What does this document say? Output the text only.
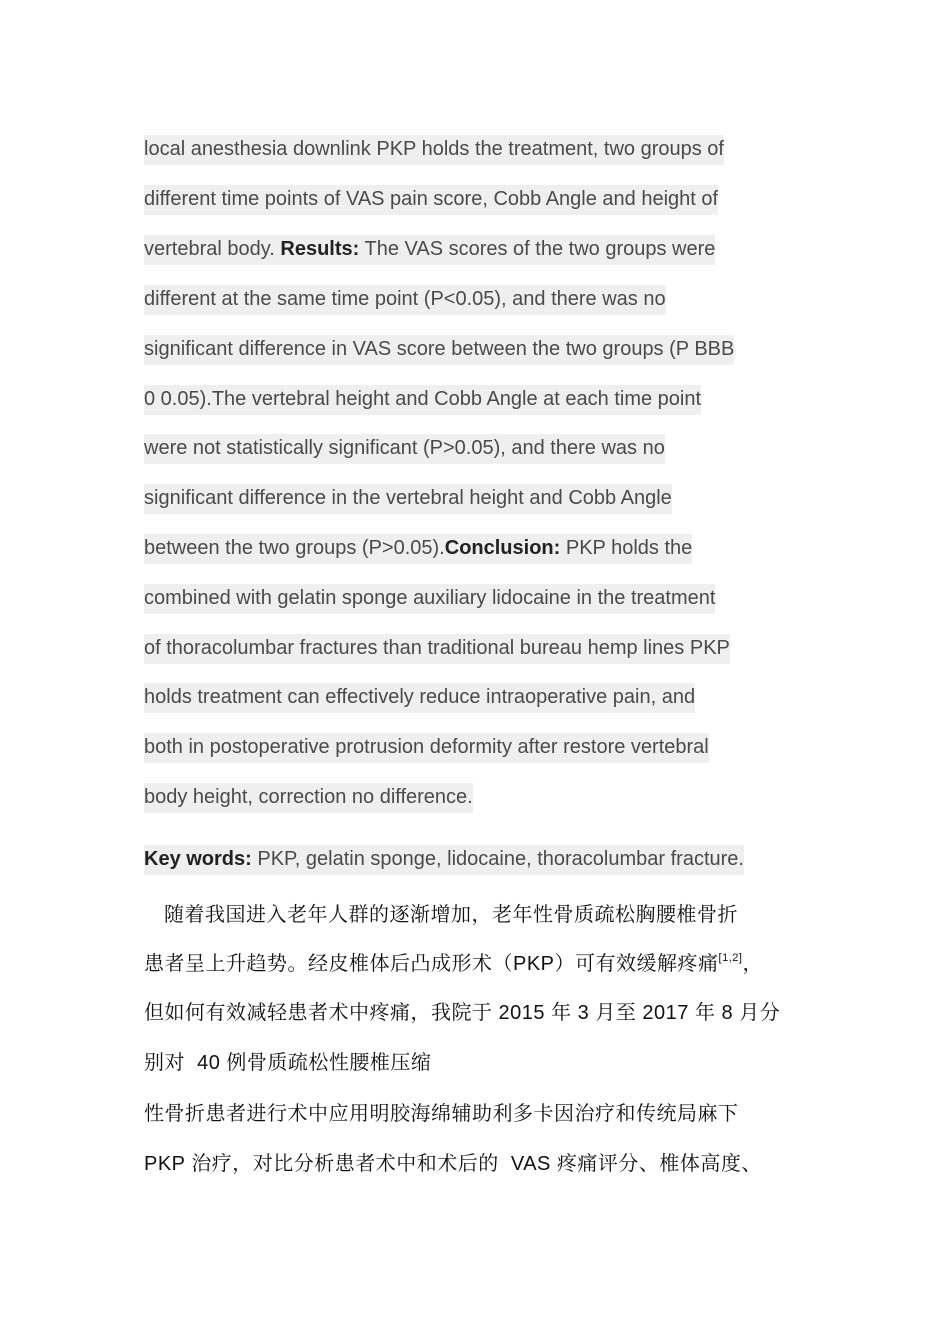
local anesthesia downlink PKP holds the treatment, two groups of
different time points of VAS pain score, Cobb Angle and height of
vertebral body. Results: The VAS scores of the two groups were
different at the same time point (P<0.05), and there was no
significant difference in VAS score between the two groups (P BBB
0 0.05).The vertebral height and Cobb Angle at each time point
were not statistically significant (P>0.05), and there was no
significant difference in the vertebral height and Cobb Angle
between the two groups (P>0.05).Conclusion: PKP holds the
combined with gelatin sponge auxiliary lidocaine in the treatment
of thoracolumbar fractures than traditional bureau hemp lines PKP
holds treatment can effectively reduce intraoperative pain, and
both in postoperative protrusion deformity after restore vertebral
body height, correction no difference.
Key words: PKP, gelatin sponge, lidocaine, thoracolumbar fracture.
随着我国进入老年人群的逐渐增加，老年性骨质疏松胸腰椎骨折
患者呈上升趋势。经皮椎体后凸成形术（PKP）可有效缓解疼痛[1,2]，
但如何有效减轻患者术中疼痛，我院于 2015 年 3 月至 2017 年 8 月分
别对  40 例骨质疏松性腰椎压缩
性骨折患者进行术中应用明胶海绵辅助利多卡因治疗和传统局麻下
PKP 治疗，对比分析患者术中和术后的  VAS 疼痛评分、椎体高度、
